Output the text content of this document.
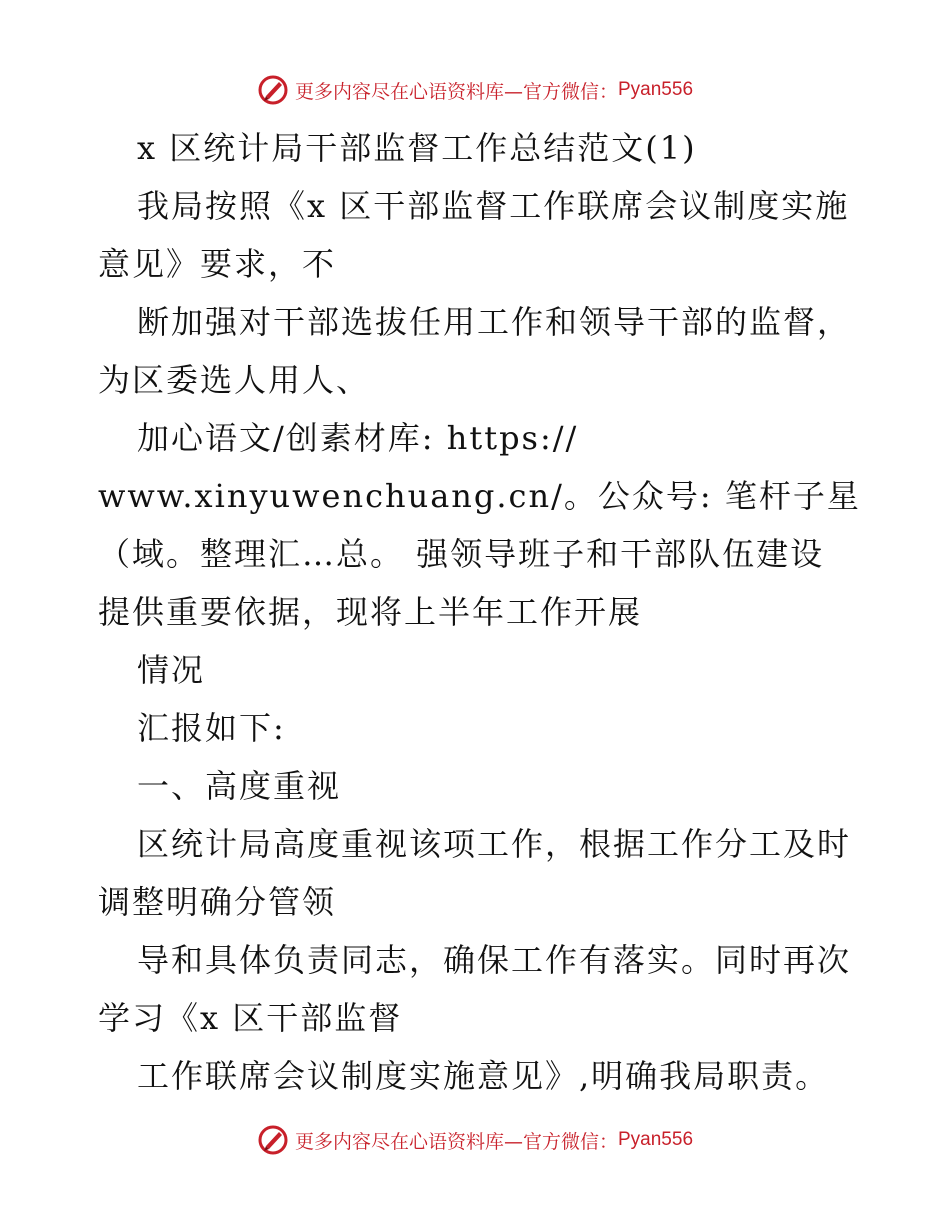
更多内容尽在心语资料库—官方微信： Pyan556
x 区统计局干部监督工作总结范文(1)
我局按照《x 区干部监督工作联席会议制度实施
意见》要求，不
断加强对干部选拔任用工作和领导干部的监督，
为区委选人用人、
加心语文/创素材库: https://
www.xinyuwenchuang.cn/。公众号: 笔杆子星
（域。整理汇…总。 强领导班子和干部队伍建设
提供重要依据，现将上半年工作开展
情况
汇报如下:
一、高度重视
区统计局高度重视该项工作，根据工作分工及时
调整明确分管领
导和具体负责同志，确保工作有落实。同时再次
学习《x 区干部监督
工作联席会议制度实施意见》,明确我局职责。
更多内容尽在心语资料库—官方微信： Pyan556
